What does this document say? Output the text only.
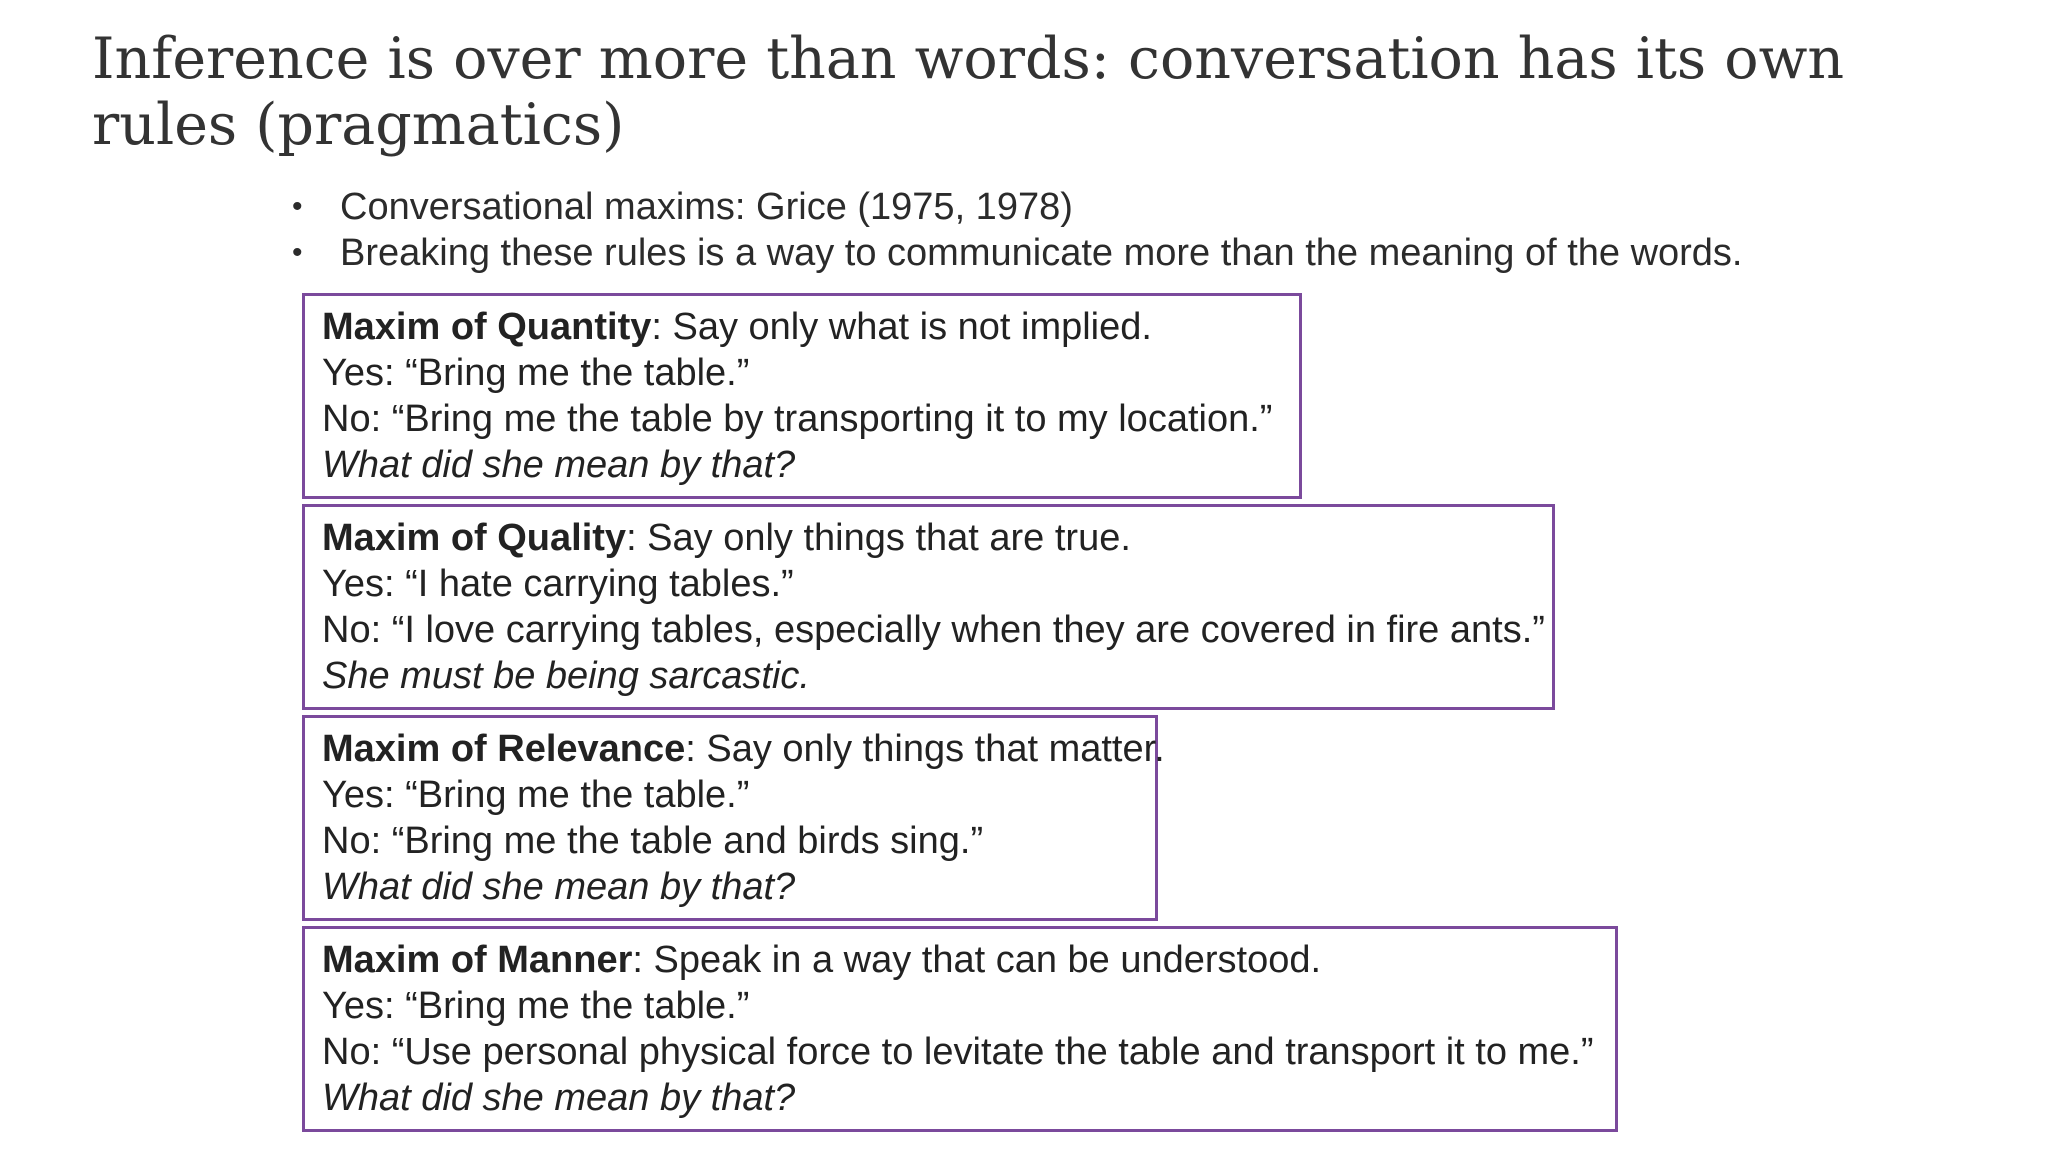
Inference is over more than words: conversation has its own rules (pragmatics)
• Conversational maxims: Grice (1975, 1978)
• Breaking these rules is a way to communicate more than the meaning of the words.
Maxim of Quantity: Say only what is not implied.
Yes: “Bring me the table.”
No: “Bring me the table by transporting it to my location.”
What did she mean by that?
Maxim of Quality: Say only things that are true.
Yes: “I hate carrying tables.”
No: “I love carrying tables, especially when they are covered in fire ants.”
She must be being sarcastic.
Maxim of Relevance: Say only things that matter.
Yes: “Bring me the table.”
No: “Bring me the table and birds sing.”
What did she mean by that?
Maxim of Manner: Speak in a way that can be understood.
Yes: “Bring me the table.”
No: “Use personal physical force to levitate the table and transport it to me.”
What did she mean by that?
